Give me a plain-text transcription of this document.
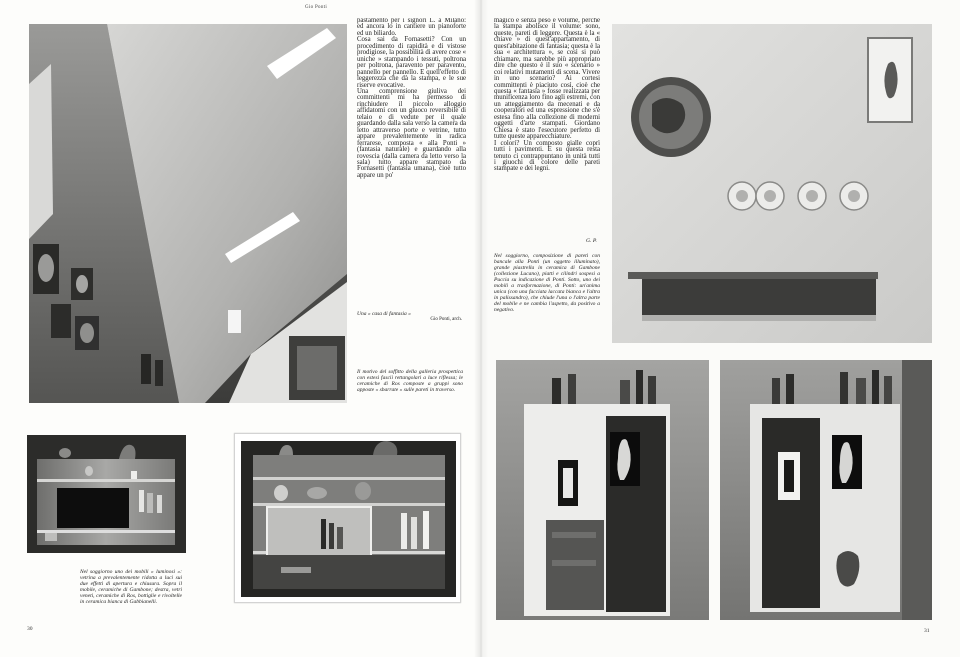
Gio Ponti

pastamento per i signori L. a Milano: ed ancora lo in cantiere un pianoforte ed un biliardo.

Cosa sai da Fornasetti? Con un procedimento di rapidità e di vistose prodigiose, la possibilità di avere cose « uniche » stampando i tessuti, poltrona per poltrona, paravento per paravento, pannello per pannello. E quell'effetto di leggerezza che dà la stampa, e le sue riserve evocative.

Una comprensione giuliva dei committenti mi ha permesso di rinchiudere il piccolo alloggio affidatomi con un giuoco reversibile di telaio e di vedute per il quale guardando dalla sala verso la camera da letto attraverso porte e vetrine, tutto appare prevalentemente in radica ferrarese, composta « alla Ponti » (fantasia naturale) e guardando alla rovescia (dalla camera da letto verso la sala) tutto appare stampato da Fornasetti (fantasia umana), cioè tutto appare un po'

Una « casa di fantasia »
Gio Ponti, arch.
Il motivo del soffitto della galleria prospettica con estesi fascii rettangolari a luce riflessa; le ceramiche di Ros composte a gruppi sono apposte « sbarrate » sulle pareti in traverso.
Nel soggiorno uno dei mobili « luminosi »: vetrina a prevalentemente ridotta a luci sui due effetti di apertura e chiusura. Sopra il mobile, ceramiche di Gambone; destra, vetri veneti, ceramiche di Ros, bottiglie e rivoltelle in ceramica bianca di Gabbianelli.
30

magico e senza peso e volume, perché la stampa abolisce il volume: sono, queste, pareti di leggere. Questa è la « chiave » di quest'appartamento, di quest'abitazione di fantasia; questa è la sua « architettura », se così si può chiamare, ma sarebbe più appropriato dire che questo è il suo « scenario » coi relativi mutamenti di scena. Vivere in uno scenario? Ai cortesi committenti è piaciuto così, cioè che questa « fantasia » fosse realizzata per munificenza loro fino agli estremi, con un atteggiamento da mecenati e da cooperatori ed una espressione che s'è estesa fino alla collezione di moderni oggetti d'arte stampati. Giordano Chiesa è stato l'esecutore perfetto di tutte queste apparecchiature.

I colori? Un composto gialle coprì tutti i pavimenti. E su questa resta tenuto ci contrappuntano in unità tutti i giuochi di colore delle pareti stampate e dei legni.

G. P.
Nel soggiorno, composizione di pareti con bancale alla Ponti (un oggetto illuminato), grande piastrella in ceramica di Gambone (collezione Lucano), piatti e cilindri sospesi a Puccia su indicazione di Ponti. Sotto, uno dei mobili a trasformazione, di Ponti: un'anima unica (con una facciata laccata bianca e l'altra in palissandro), che chiude l'una o l'altra parte del mobile e ne cambia l'aspetto, da positivo a negativo.
31
